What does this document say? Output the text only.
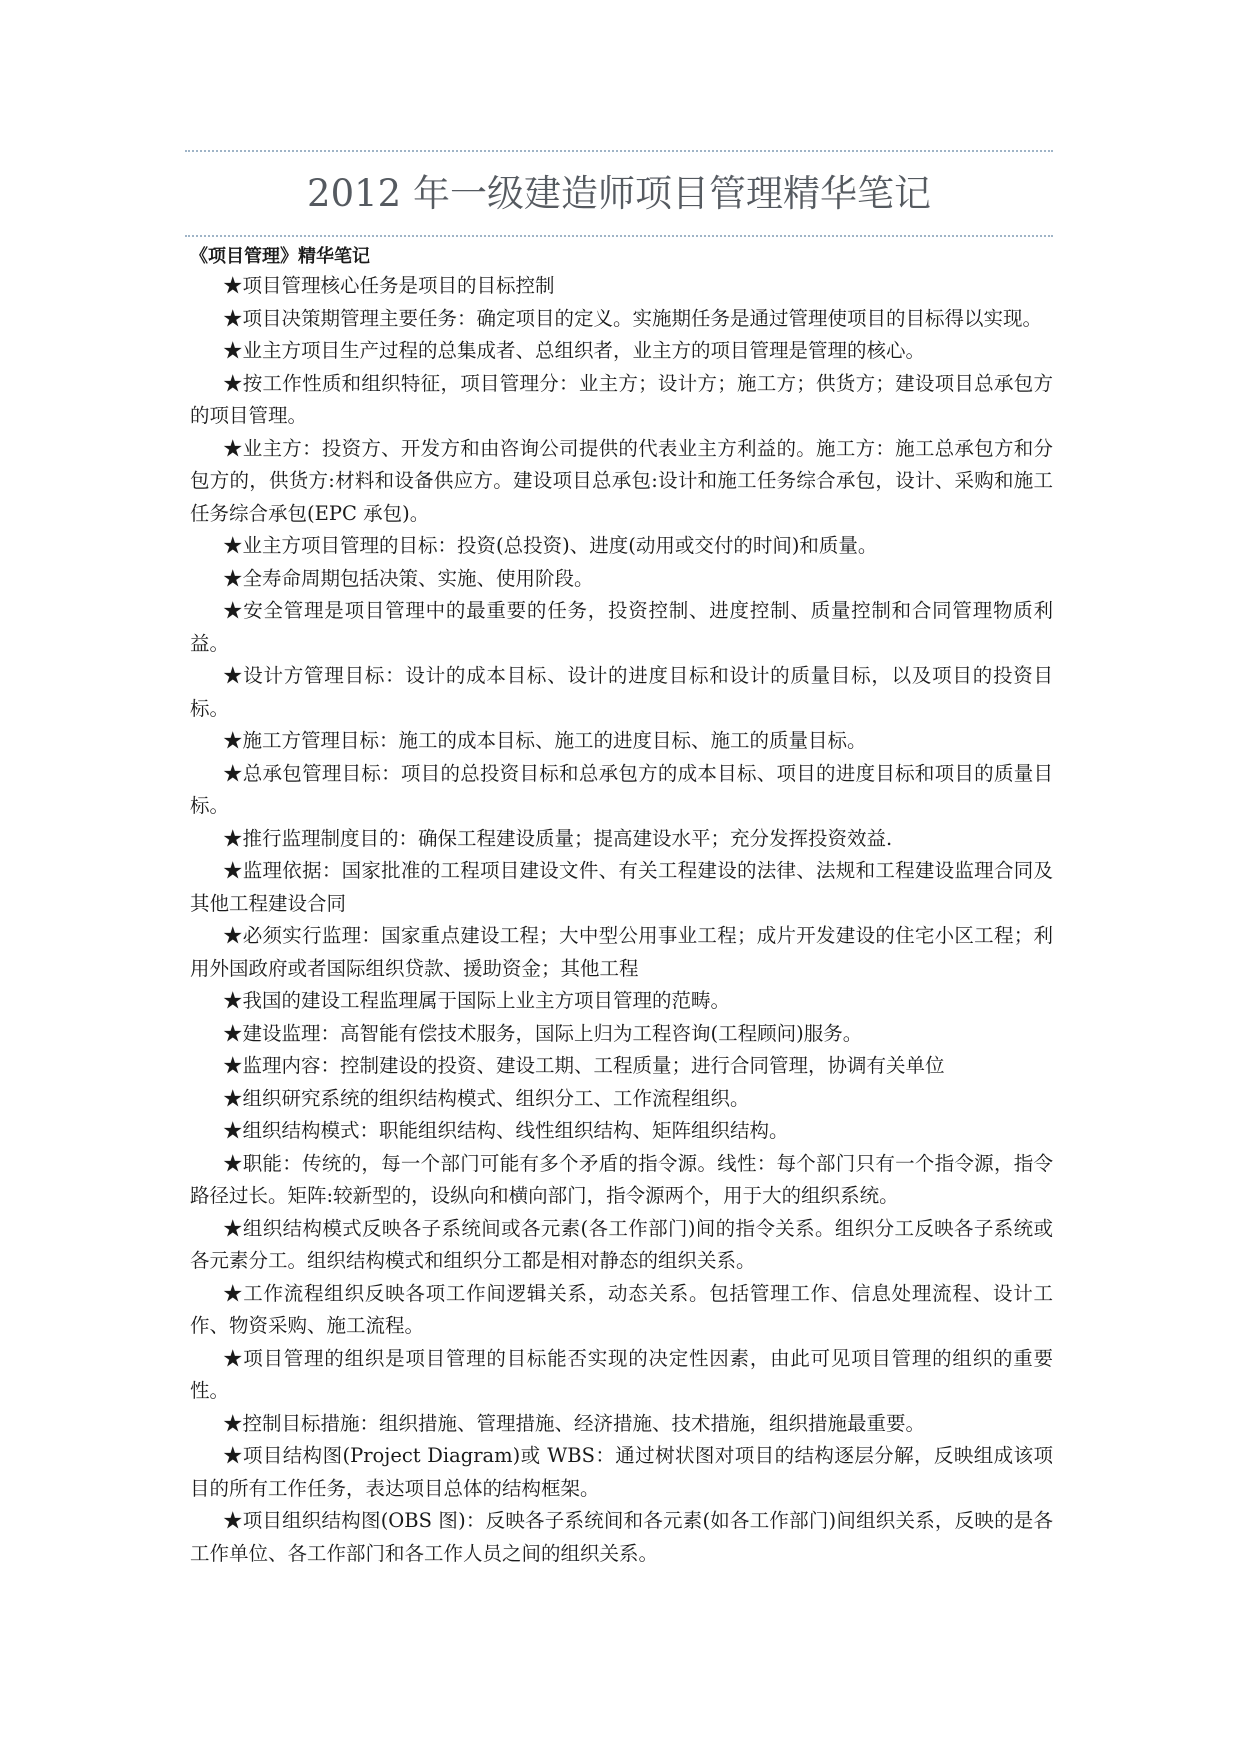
2012 年一级建造师项目管理精华笔记

《项目管理》精华笔记

★项目管理核心任务是项目的目标控制

★项目决策期管理主要任务：确定项目的定义。实施期任务是通过管理使项目的目标得以实现。

★业主方项目生产过程的总集成者、总组织者，业主方的项目管理是管理的核心。

★按工作性质和组织特征，项目管理分：业主方；设计方；施工方；供货方；建设项目总承包方的项目管理。

★业主方：投资方、开发方和由咨询公司提供的代表业主方利益的。施工方：施工总承包方和分包方的，供货方:材料和设备供应方。建设项目总承包:设计和施工任务综合承包，设计、采购和施工任务综合承包(EPC 承包)。

★业主方项目管理的目标：投资(总投资)、进度(动用或交付的时间)和质量。

★全寿命周期包括决策、实施、使用阶段。

★安全管理是项目管理中的最重要的任务，投资控制、进度控制、质量控制和合同管理物质利益。

★设计方管理目标：设计的成本目标、设计的进度目标和设计的质量目标，以及项目的投资目标。

★施工方管理目标：施工的成本目标、施工的进度目标、施工的质量目标。

★总承包管理目标：项目的总投资目标和总承包方的成本目标、项目的进度目标和项目的质量目标。

★推行监理制度目的：确保工程建设质量；提高建设水平；充分发挥投资效益.

★监理依据：国家批准的工程项目建设文件、有关工程建设的法律、法规和工程建设监理合同及其他工程建设合同

★必须实行监理：国家重点建设工程；大中型公用事业工程；成片开发建设的住宅小区工程；利用外国政府或者国际组织贷款、援助资金；其他工程

★我国的建设工程监理属于国际上业主方项目管理的范畴。

★建设监理：高智能有偿技术服务，国际上归为工程咨询(工程顾问)服务。

★监理内容：控制建设的投资、建设工期、工程质量；进行合同管理，协调有关单位

★组织研究系统的组织结构模式、组织分工、工作流程组织。

★组织结构模式：职能组织结构、线性组织结构、矩阵组织结构。

★职能：传统的，每一个部门可能有多个矛盾的指令源。线性：每个部门只有一个指令源，指令路径过长。矩阵:较新型的，设纵向和横向部门，指令源两个，用于大的组织系统。

★组织结构模式反映各子系统间或各元素(各工作部门)间的指令关系。组织分工反映各子系统或各元素分工。组织结构模式和组织分工都是相对静态的组织关系。

★工作流程组织反映各项工作间逻辑关系，动态关系。包括管理工作、信息处理流程、设计工作、物资采购、施工流程。

★项目管理的组织是项目管理的目标能否实现的决定性因素，由此可见项目管理的组织的重要性。

★控制目标措施：组织措施、管理措施、经济措施、技术措施，组织措施最重要。

★项目结构图(Project Diagram)或 WBS：通过树状图对项目的结构逐层分解，反映组成该项目的所有工作任务，表达项目总体的结构框架。

★项目组织结构图(OBS 图)：反映各子系统间和各元素(如各工作部门)间组织关系，反映的是各工作单位、各工作部门和各工作人员之间的组织关系。
